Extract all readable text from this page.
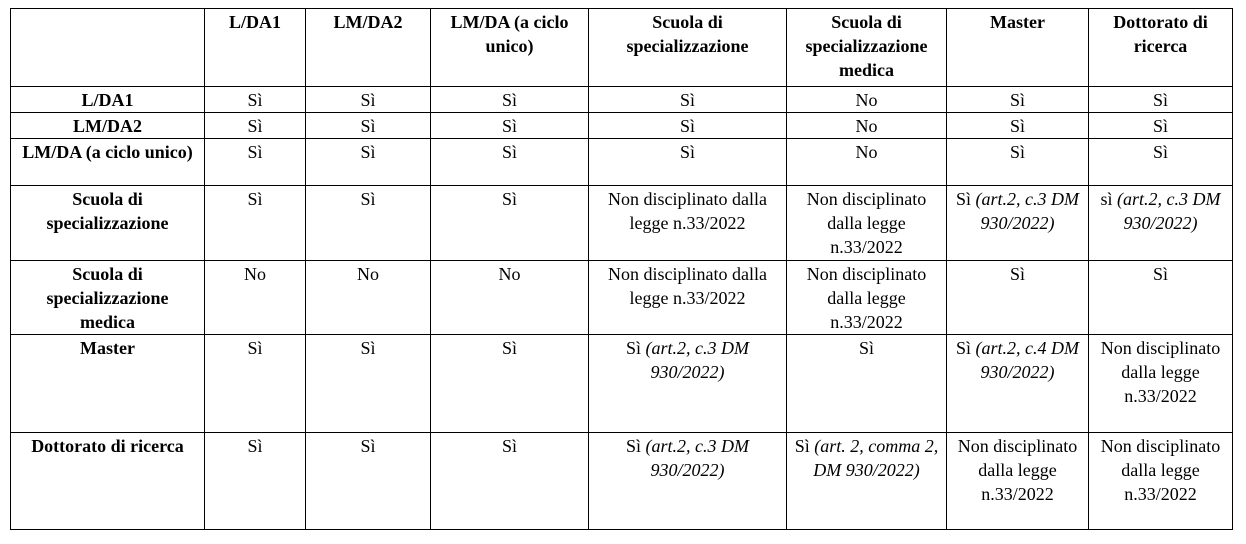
	L/DA1	LM/DA2	LM/DA (a ciclo unico)	Scuola di specializzazione	Scuola di specializzazione medica	Master	Dottorato di ricerca
L/DA1	Sì	Sì	Sì	Sì	No	Sì	Sì
LM/DA2	Sì	Sì	Sì	Sì	No	Sì	Sì
LM/DA (a ciclo unico)	Sì	Sì	Sì	Sì	No	Sì	Sì
Scuola di specializzazione	Sì	Sì	Sì	Non disciplinato dalla legge n.33/2022	Non disciplinato dalla legge n.33/2022	Sì (art.2, c.3 DM 930/2022)	sì (art.2, c.3 DM 930/2022)
Scuola di specializzazione medica	No	No	No	Non disciplinato dalla legge n.33/2022	Non disciplinato dalla legge n.33/2022	Sì	Sì
Master	Sì	Sì	Sì	Sì (art.2, c.3 DM 930/2022)	Sì	Sì (art.2, c.4 DM 930/2022)	Non disciplinato dalla legge n.33/2022
Dottorato di ricerca	Sì	Sì	Sì	Sì (art.2, c.3 DM 930/2022)	Sì (art. 2, comma 2, DM 930/2022)	Non disciplinato dalla legge n.33/2022	Non disciplinato dalla legge n.33/2022
